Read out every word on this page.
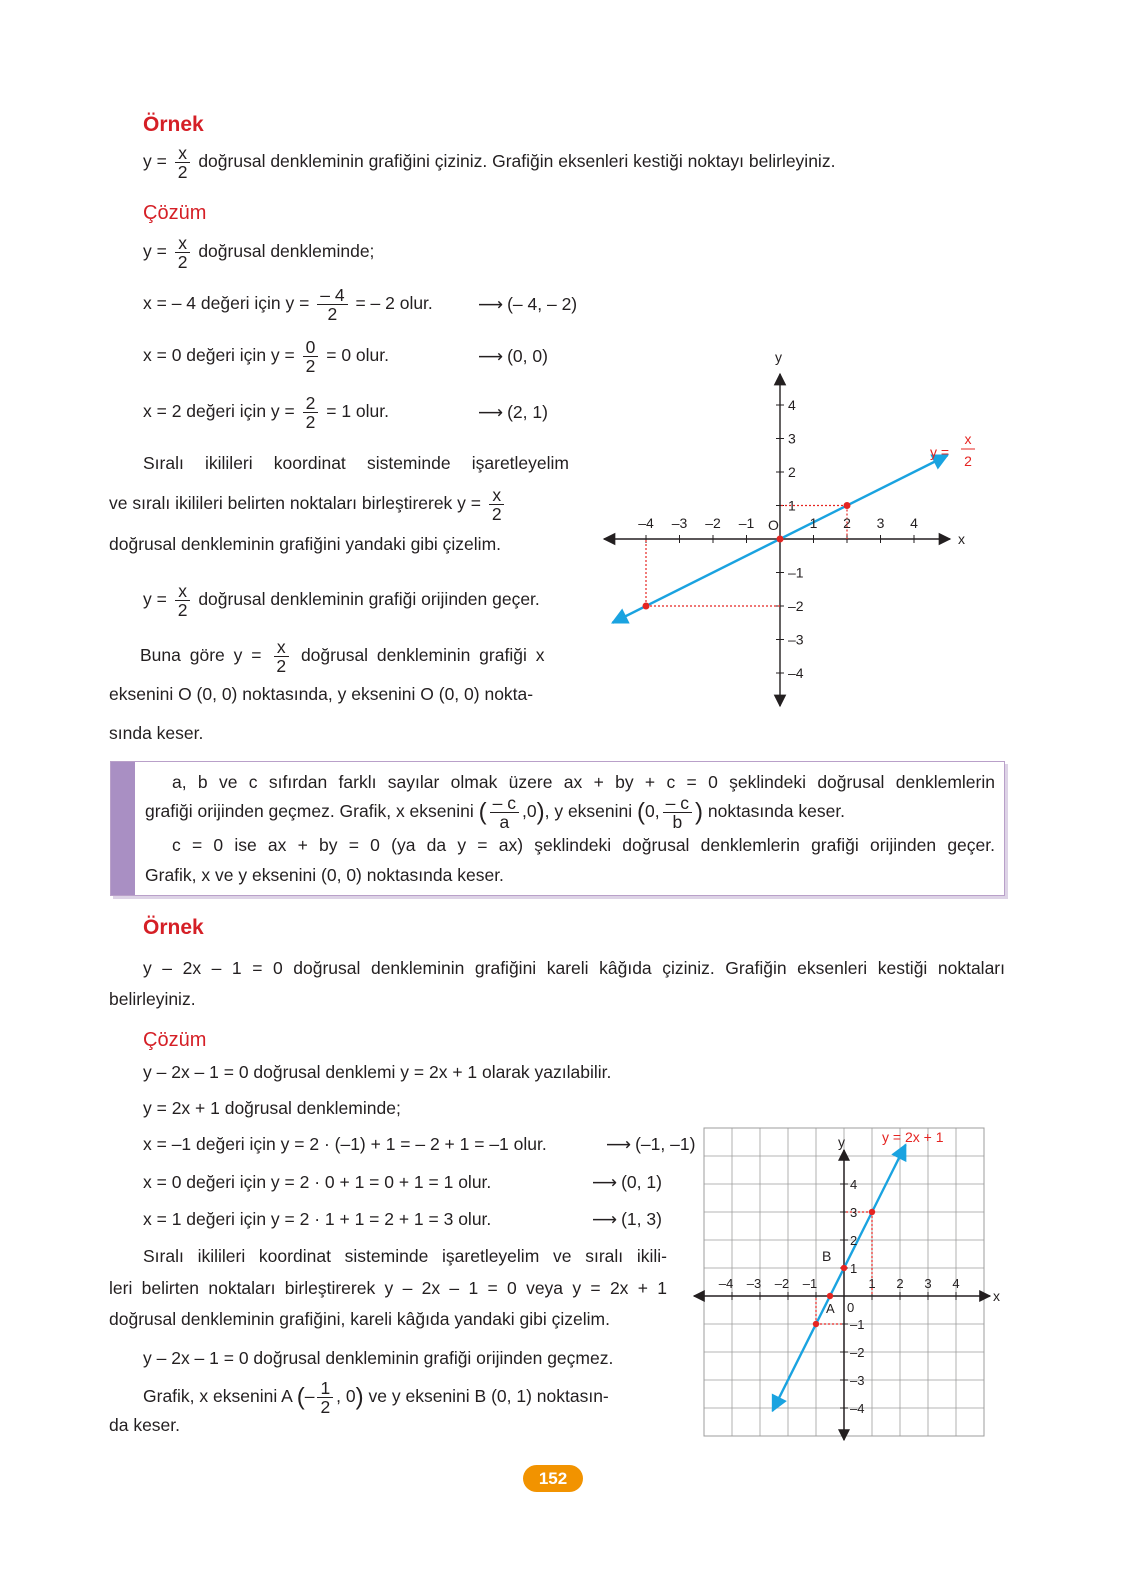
Örnek
$y = \frac{x}{2}$ doğrusal denkleminin grafiğini çiziniz. Grafiğin eksenleri kestiği noktayı belirleyiniz.
Çözüm
$y = \frac{x}{2}$ doğrusal denkleminde;
x = – 4 değeri için $y = \frac{- 4}{2}$ = – 2 olur.	⟶ (– 4, – 2)
x = 0 değeri için $y = \frac{0}{2} = 0$ olur.	⟶ (0, 0)
x = 2 değeri için $y = \frac{2}{2} = 1$ olur.	⟶ (2, 1)
Sıralı ikilileri koordinat sisteminde işaretleyelim
ve sıralı ikilileri belirten noktaları birleştirerek $y = \frac{x}{2}$
doğrusal denkleminin grafiğini yandaki gibi çizelim.
$y = \frac{x}{2}$ doğrusal denkleminin grafiği orijinden geçer.
Buna göre $y = \frac{x}{2}$ doğrusal denkleminin grafiği x
eksenini O (0, 0) noktasında, y eksenini O (0, 0) nokta-
sında keser.
–4
–4
–3
–3
–2
–2
–1
–1
1
1
2
2
3
3
4
4
O
x
y
y =
x
2
a, b ve c sıfırdan farklı sayılar olmak üzere ax + by + c = 0 şeklindeki doğrusal denklemlerin
grafiği orijinden geçmez. Grafik, x eksenini ( $\frac{- c}{a} ,0$), y eksenini (0, $\frac{- c}{b}$ ) noktasında keser.
c = 0 ise ax + by = 0 (ya da y = ax) şeklindeki doğrusal denklemlerin grafiği orijinden geçer.
Grafik, x ve y eksenini (0, 0) noktasında keser.
Örnek
y – 2x – 1 = 0 doğrusal denkleminin grafiğini kareli kâğıda çiziniz. Grafiğin eksenleri kestiği noktaları
belirleyiniz.
Çözüm
y – 2x – 1 = 0 doğrusal denklemi y = 2x + 1 olarak yazılabilir.
y = 2x + 1 doğrusal denkleminde;
x = –1 değeri için y = 2 · (–1) + 1 = – 2 + 1 = –1 olur.	⟶ (–1, –1)
x = 0 değeri için y = 2 · 0 + 1 = 0 + 1 = 1 olur.	⟶ (0, 1)
x = 1 değeri için y = 2 · 1 + 1 = 2 + 1 = 3 olur.	⟶ (1, 3)
Sıralı ikilileri koordinat sisteminde işaretleyelim ve sıralı ikili-
leri belirten noktaları birleştirerek y – 2x – 1 = 0 veya y = 2x + 1
doğrusal denkleminin grafiğini, kareli kâğıda yandaki gibi çizelim.
y – 2x – 1 = 0 doğrusal denkleminin grafiği orijinden geçmez.
Grafik, x eksenini A (– $\frac{1}{2}$ , 0) ve y eksenini B (0, 1) noktasın-
da keser.
–4
–4
–3
–3
–2
–2
–1
–1
1
1
2
2
3
3
4
4
0
x
y
A
B
y = 2x + 1
152
